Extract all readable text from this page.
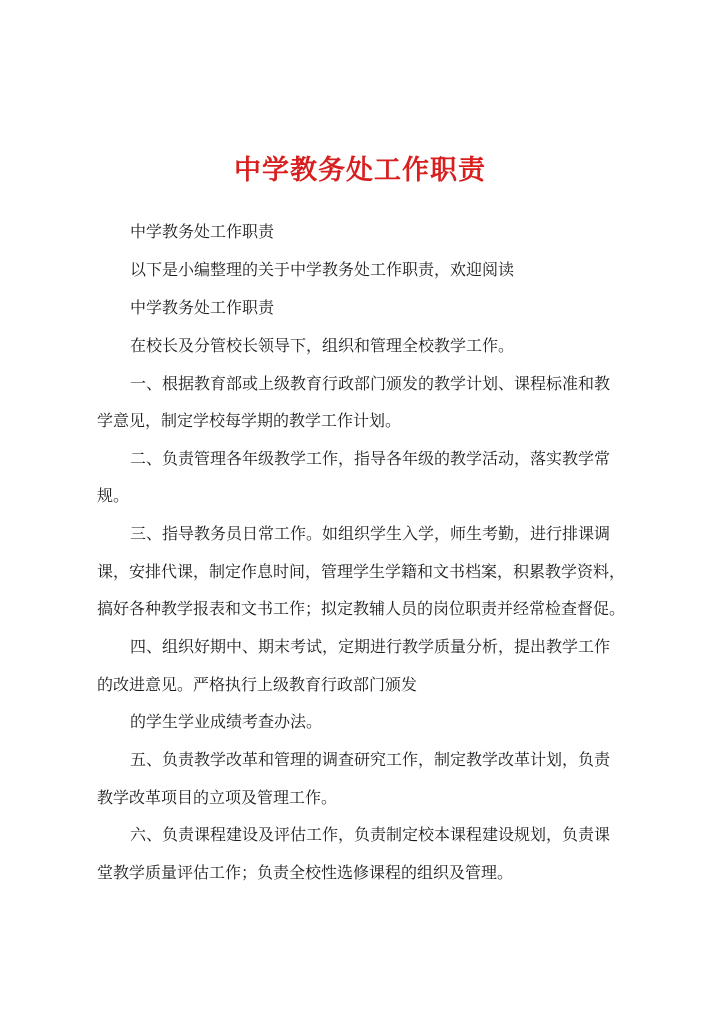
中学教务处工作职责
中学教务处工作职责
以下是小编整理的关于中学教务处工作职责，欢迎阅读
中学教务处工作职责
在校长及分管校长领导下，组织和管理全校教学工作。
一、根据教育部或上级教育行政部门颁发的教学计划、课程标准和教
学意见，制定学校每学期的教学工作计划。
二、负责管理各年级教学工作，指导各年级的教学活动，落实教学常
规。
三、指导教务员日常工作。如组织学生入学，师生考勤，进行排课调
课，安排代课，制定作息时间，管理学生学籍和文书档案，积累教学资料，
搞好各种教学报表和文书工作；拟定教辅人员的岗位职责并经常检查督促。
四、组织好期中、期末考试，定期进行教学质量分析，提出教学工作
的改进意见。严格执行上级教育行政部门颁发
的学生学业成绩考查办法。
五、负责教学改革和管理的调查研究工作，制定教学改革计划，负责
教学改革项目的立项及管理工作。
六、负责课程建设及评估工作，负责制定校本课程建设规划，负责课
堂教学质量评估工作；负责全校性选修课程的组织及管理。
